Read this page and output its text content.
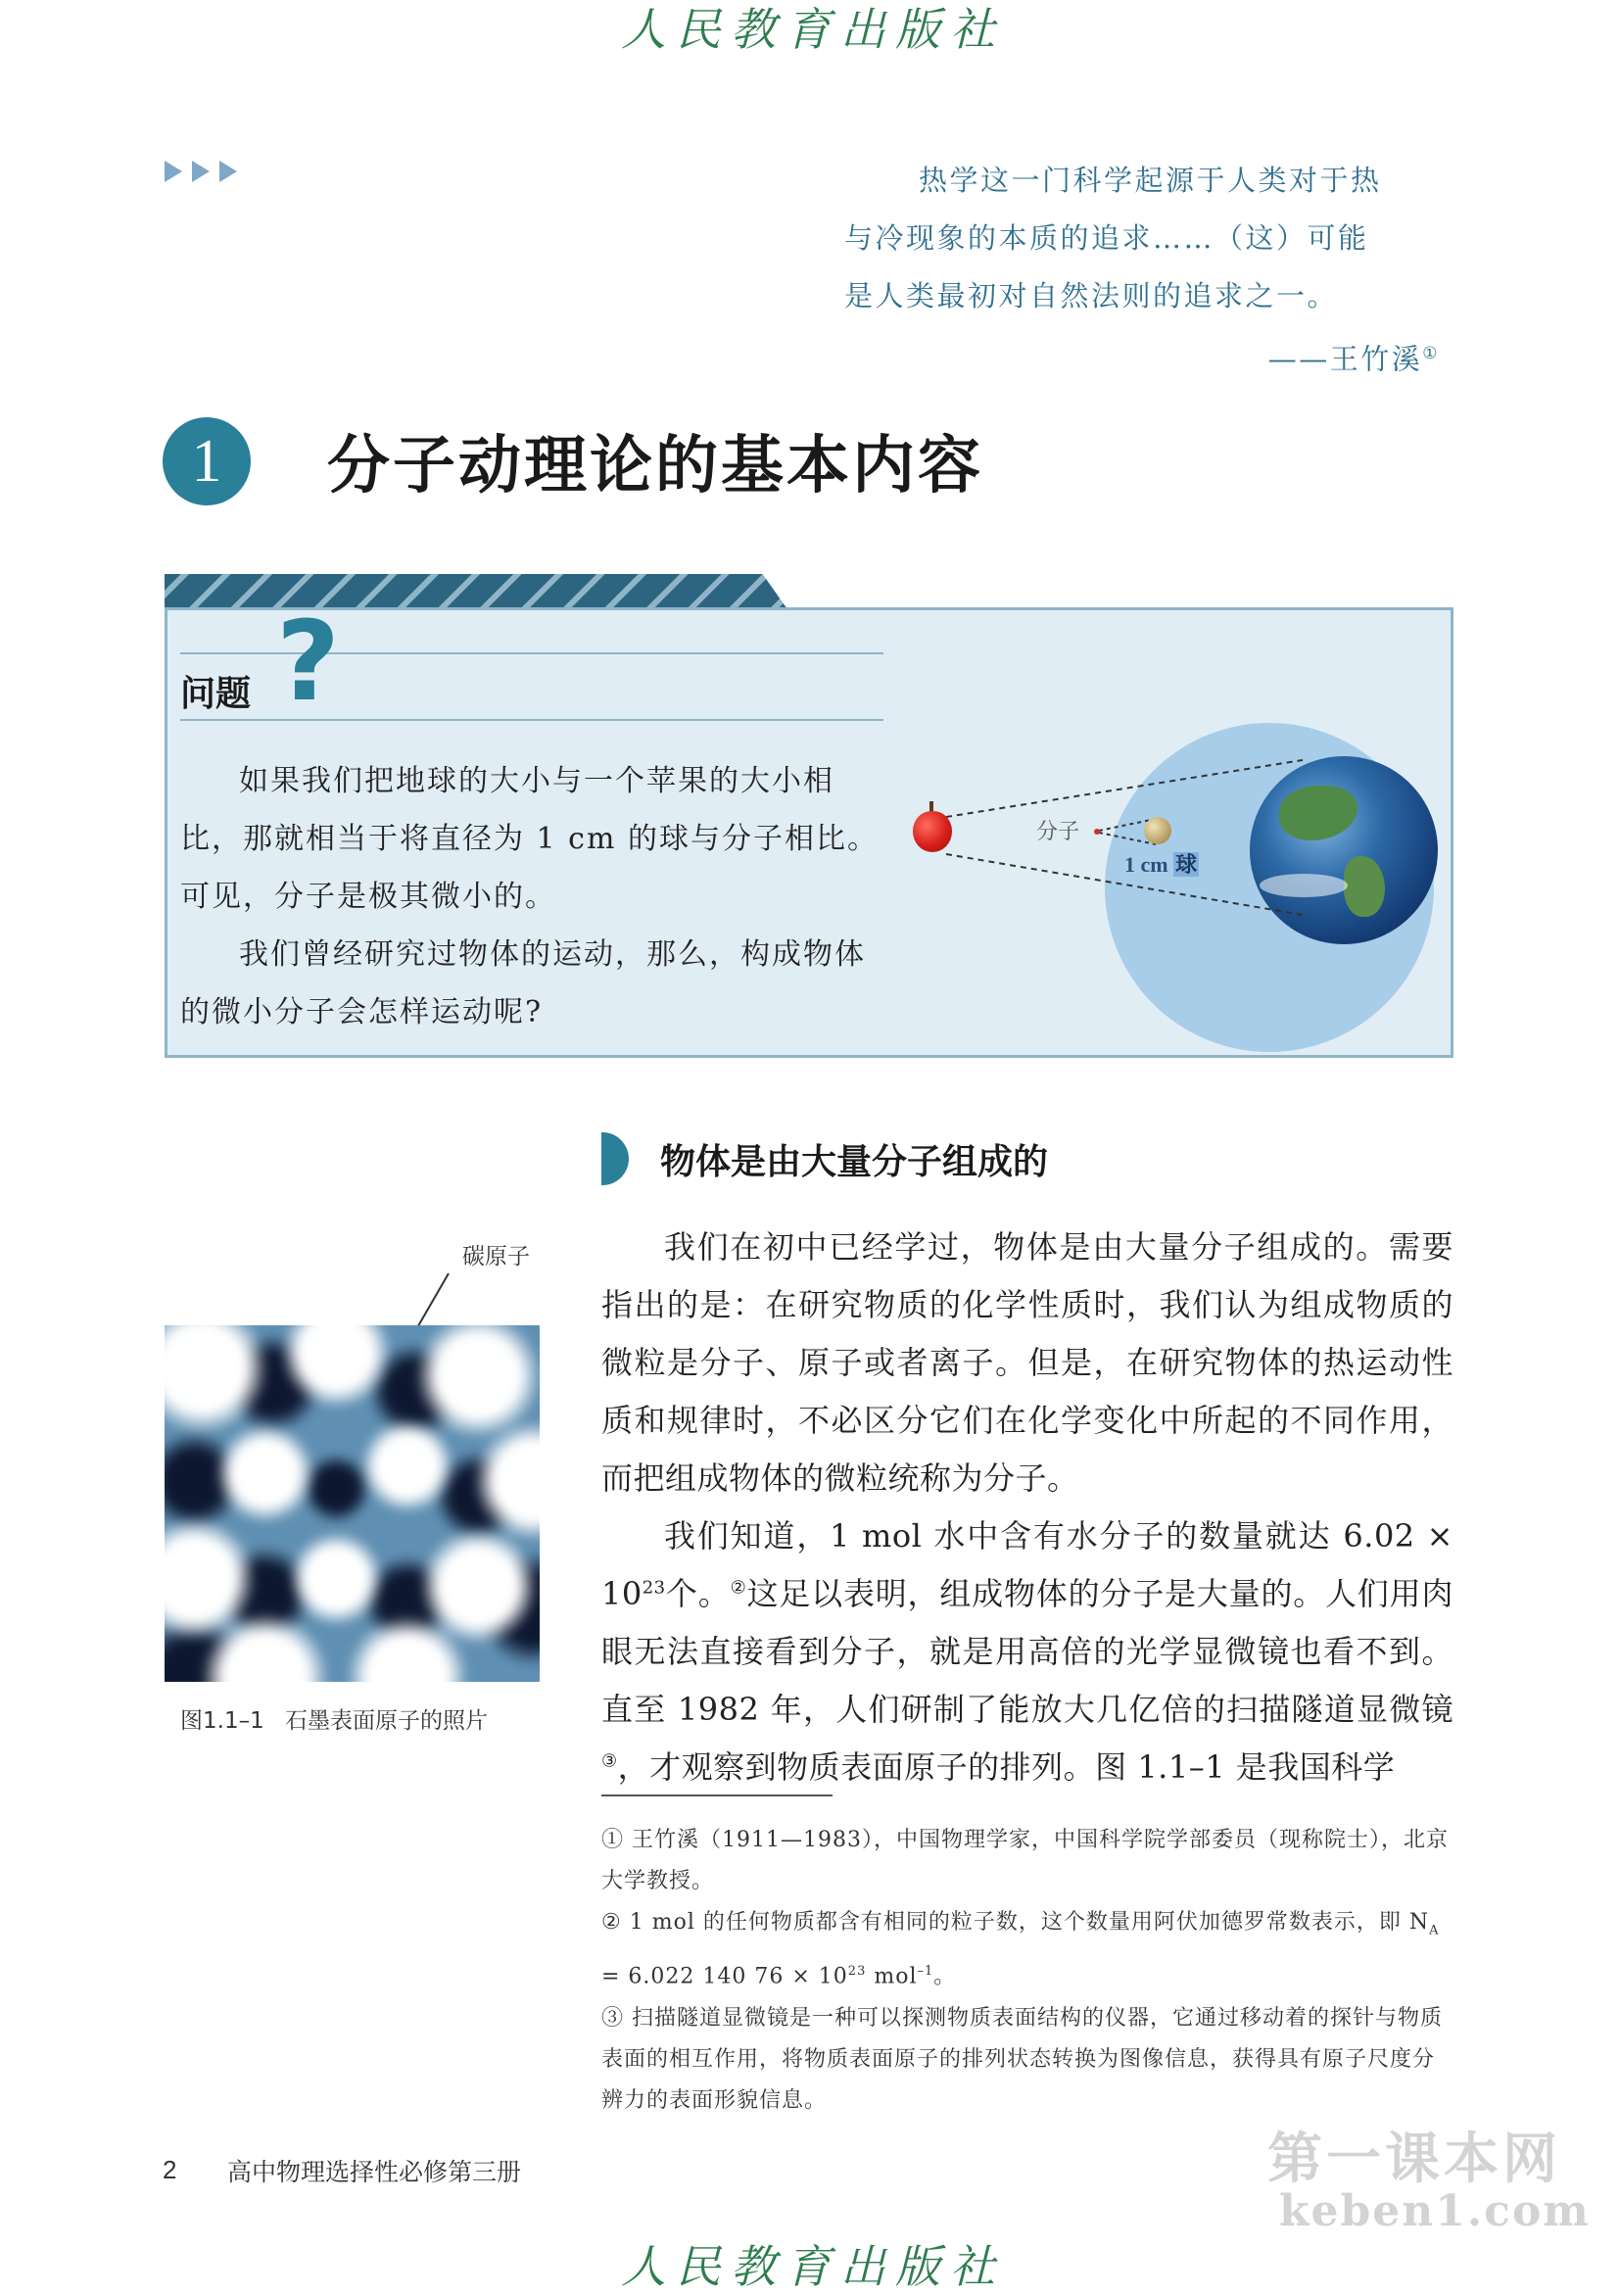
人民教育出版社

热学这一门科学起源于人类对于热

与冷现象的本质的追求……（这）可能

是人类最初对自然法则的追求之一。

——王竹溪①

1	分子动理论的基本内容
问题 ?

如果我们把地球的大小与一个苹果的大小相比，那就相当于将直径为 1 cm 的球与分子相比。可见，分子是极其微小的。

我们曾经研究过物体的运动，那么，构成物体的微小分子会怎样运动呢?

分子
1 cm 球
物体是由大量分子组成的

我们在初中已经学过，物体是由大量分子组成的。需要指出的是：在研究物质的化学性质时，我们认为组成物质的微粒是分子、原子或者离子。但是，在研究物体的热运动性质和规律时，不必区分它们在化学变化中所起的不同作用，而把组成物体的微粒统称为分子。

我们知道，1 mol 水中含有水分子的数量就达 $6.02 \times 10^{23}$个。②这足以表明，组成物体的分子是大量的。人们用肉眼无法直接看到分子，就是用高倍的光学显微镜也看不到。直至 1982 年，人们研制了能放大几亿倍的扫描隧道显微镜③，才观察到物质表面原子的排列。图 1.1–1 是我国科学

碳原子
图1.1–1 石墨表面原子的照片

① 王竹溪（1911—1983），中国物理学家，中国科学院学部委员（现称院士），北京大学教授。

② 1 mol 的任何物质都含有相同的粒子数，这个数量用阿伏加德罗常数表示，即 $N_A = 6.022$ 140 $76 \times 10^{23}$ mol$^{-1}$。

③ 扫描隧道显微镜是一种可以探测物质表面结构的仪器，它通过移动着的探针与物质表面的相互作用，将物质表面原子的排列状态转换为图像信息，获得具有原子尺度分辨力的表面形貌信息。

2 高中物理选择性必修第三册	第一课本网
keben1.com
人民教育出版社
